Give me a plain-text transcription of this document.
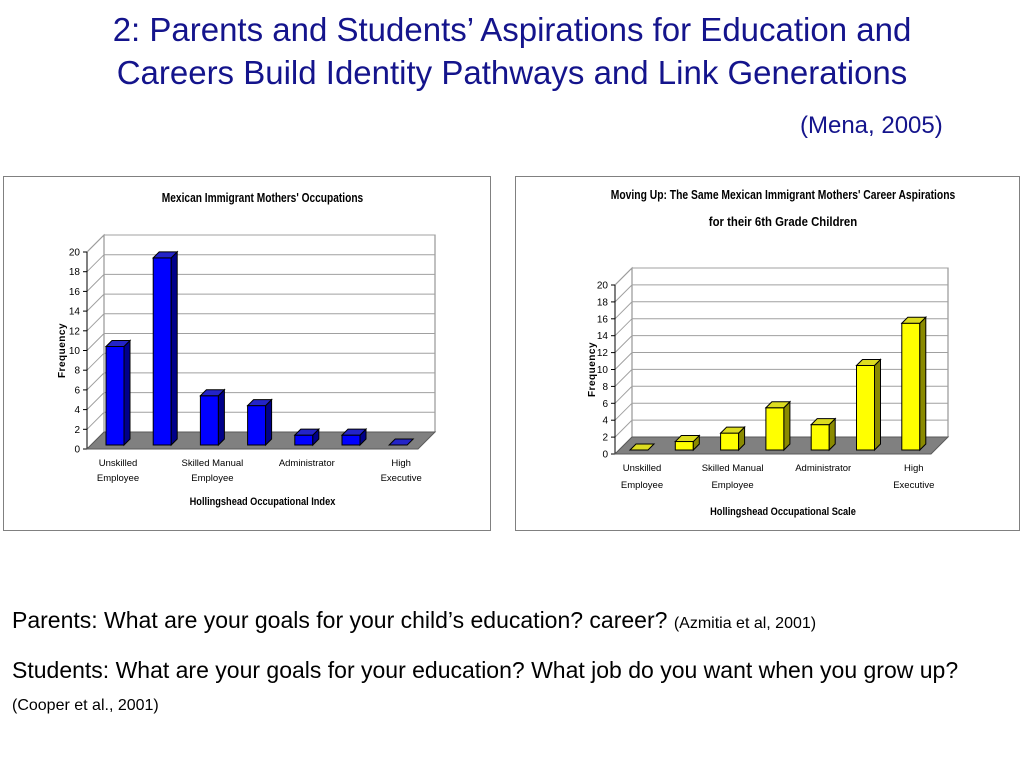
2: Parents and Students’ Aspirations for Education and
Careers Build Identity Pathways and Link Generations
(Mena, 2005)
0
2
4
6
8
10
12
14
16
18
20
Unskilled
Employee
Skilled Manual
Employee
Administrator	High
Executive
Mexican Immigrant Mothers' Occupations
Hollingshead Occupational Index
Frequency
0
2
4
6
8
10
12
14
16
18
20
Unskilled
Employee
Skilled Manual
Employee
Administrator	High
Executive
Moving Up: The Same Mexican Immigrant Mothers' Career Aspirations
for their 6th Grade Children
Hollingshead Occupational Scale
Frequency
Parents: What are your goals for your child’s education? career? (Azmitia et al, 2001)
Students: What are your goals for your education? What job do you want when you grow up?(Cooper et al., 2001)
